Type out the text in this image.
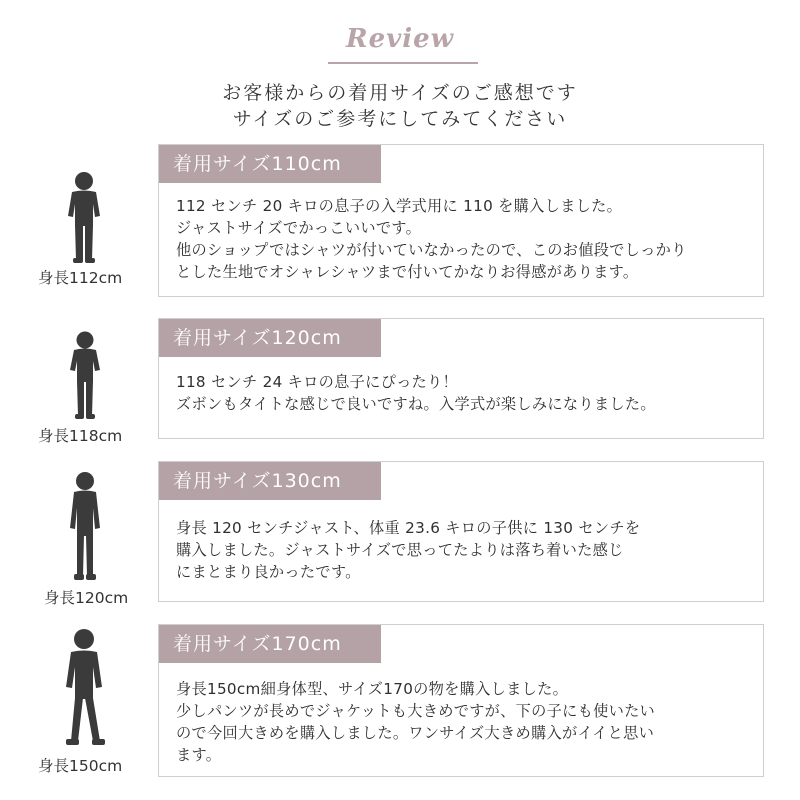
Review
お客様からの着用サイズのご感想です
サイズのご参考にしてみてください
身長112cm
着用サイズ110cm
112 センチ 20 キロの息子の入学式用に 110 を購入しました。
ジャストサイズでかっこいいです。
他のショップではシャツが付いていなかったので、このお値段でしっかり
とした生地でオシャレシャツまで付いてかなりお得感があります。
身長118cm
着用サイズ120cm
118 センチ 24 キロの息子にぴったり！
ズボンもタイトな感じで良いですね。入学式が楽しみになりました。
身長120cm
着用サイズ130cm
身長 120 センチジャスト、体重 23.6 キロの子供に 130 センチを
購入しました。ジャストサイズで思ってたよりは落ち着いた感じ
にまとまり良かったです。
身長150cm
着用サイズ170cm
身長150cm細身体型、サイズ170の物を購入しました。
少しパンツが長めでジャケットも大きめですが、下の子にも使いたい
ので今回大きめを購入しました。ワンサイズ大きめ購入がイイと思い
ます。
